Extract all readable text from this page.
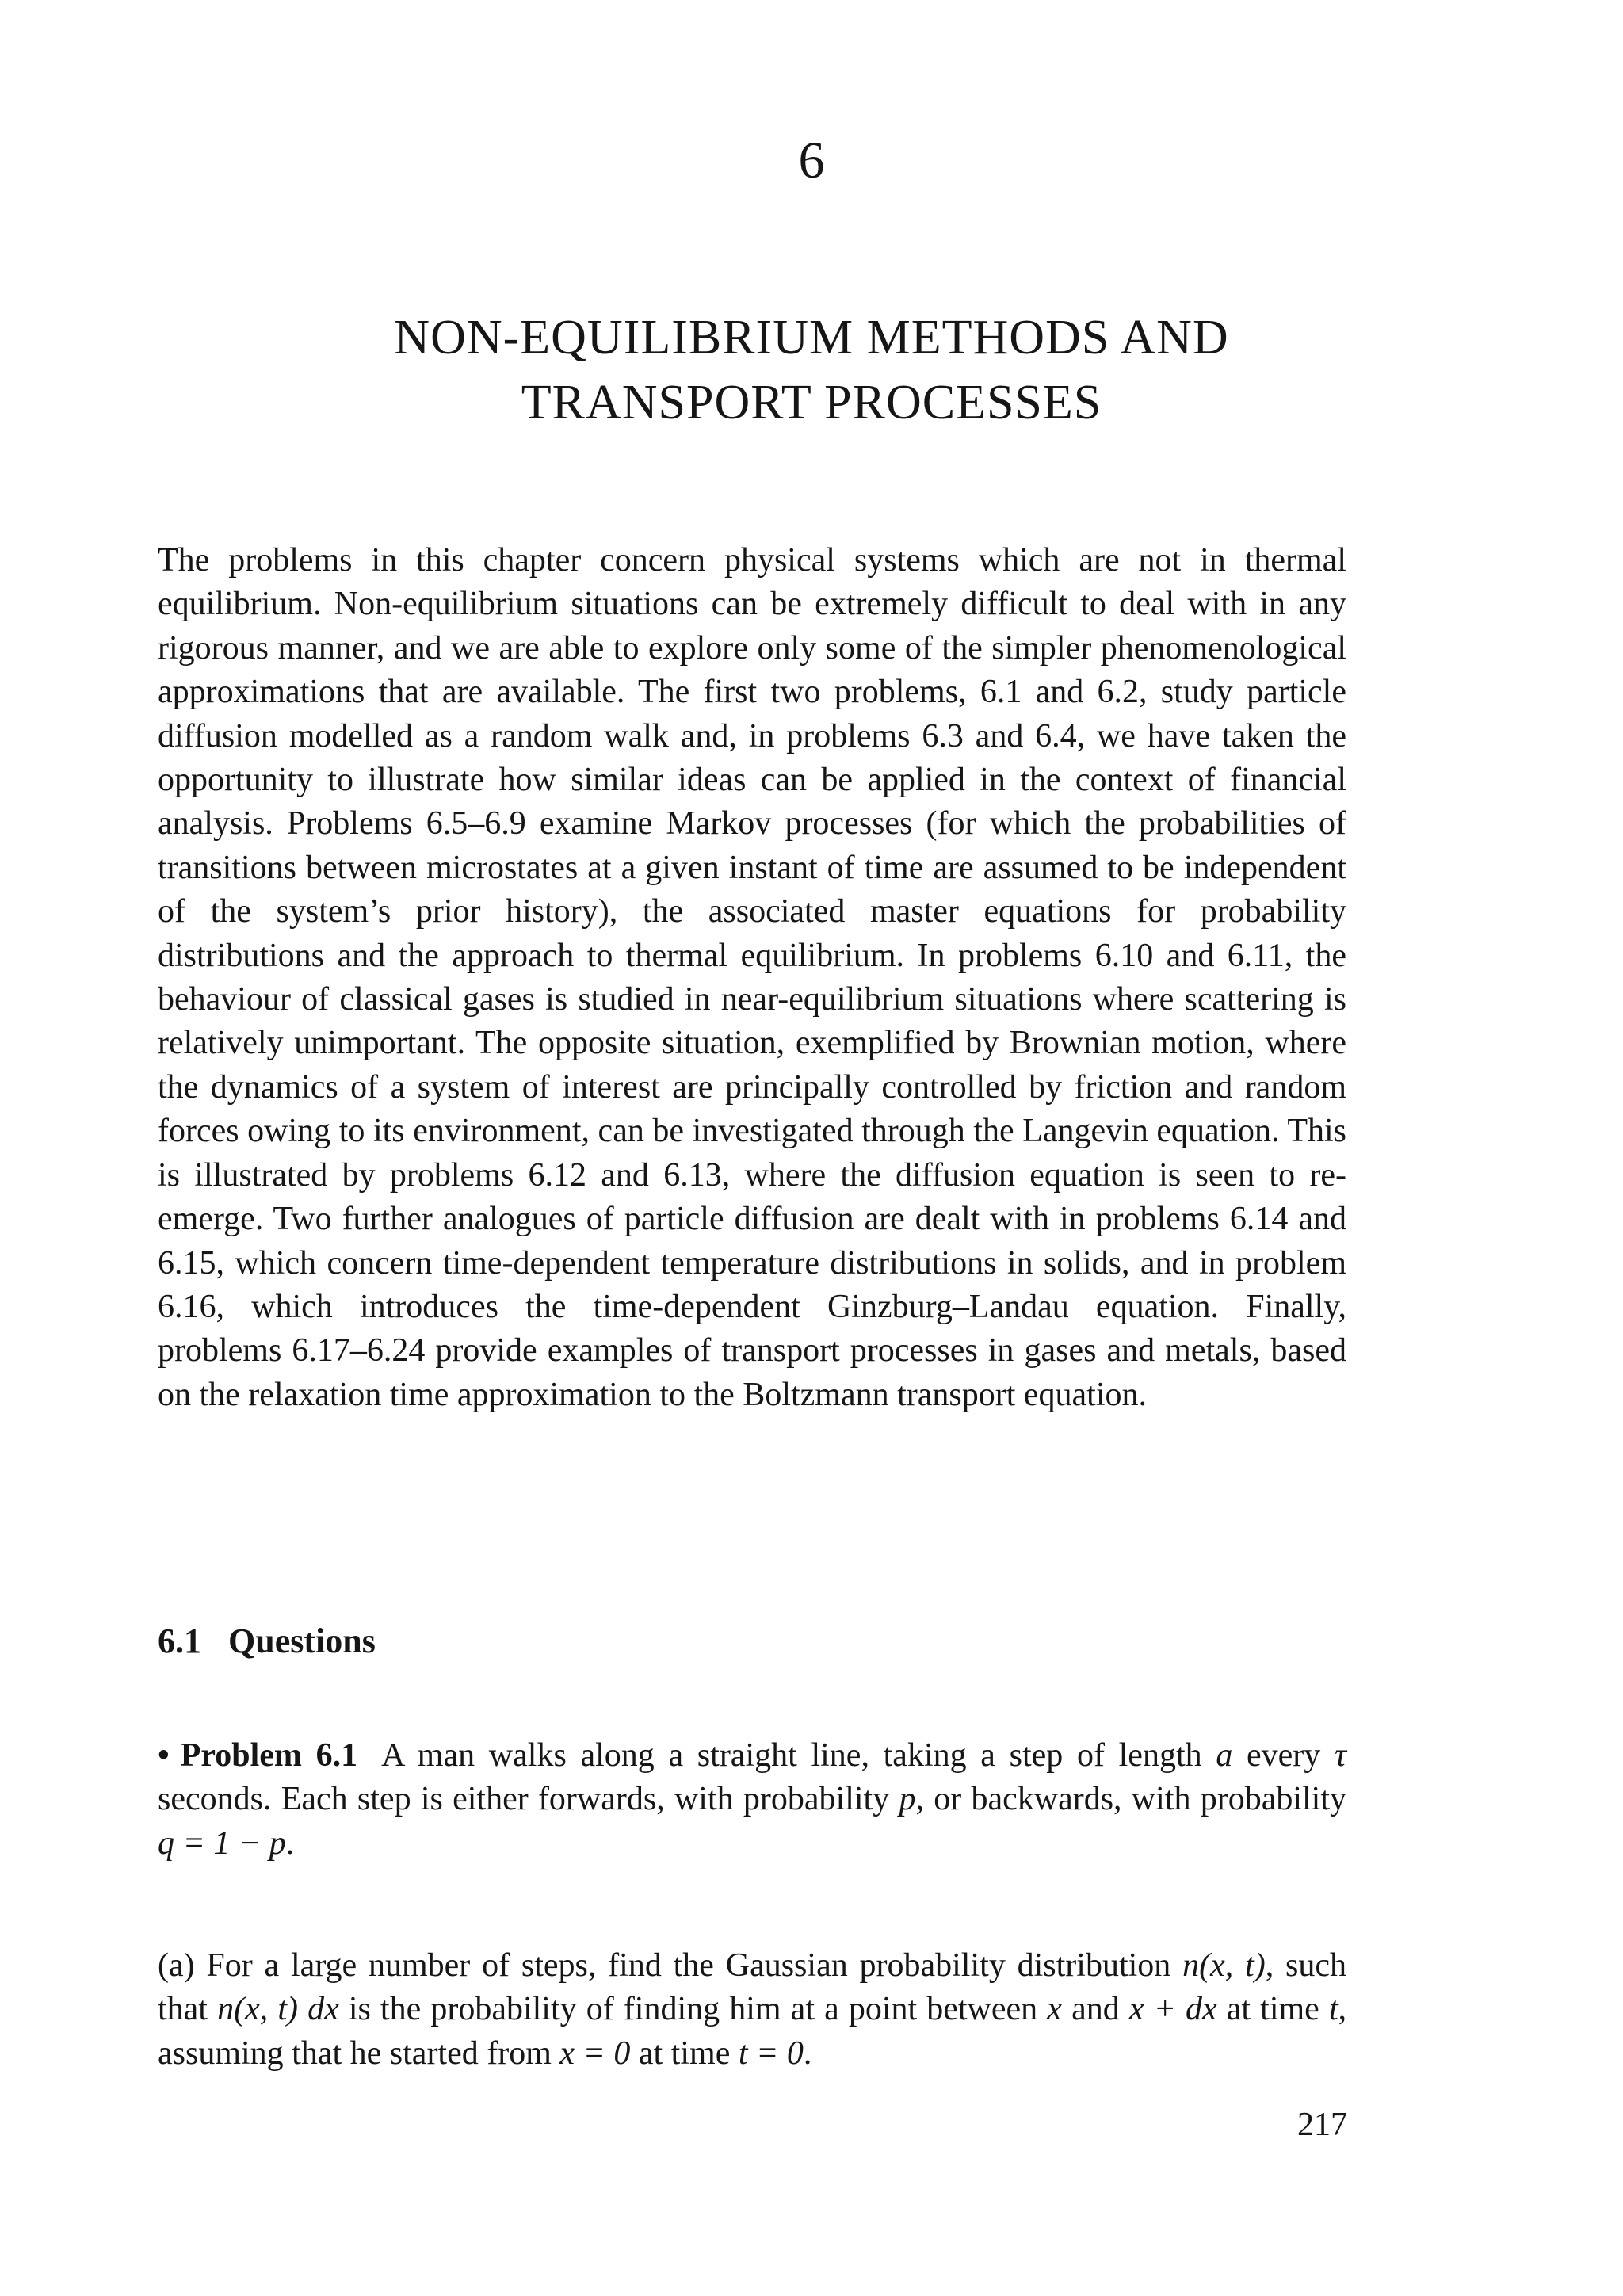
6
NON-EQUILIBRIUM METHODS AND
TRANSPORT PROCESSES

The problems in this chapter concern physical systems which are not in thermal equilibrium. Non-equilibrium situations can be extremely difficult to deal with in any rigorous manner, and we are able to explore only some of the simpler phenomenological approximations that are available. The first two problems, 6.1 and 6.2, study particle diffusion modelled as a random walk and, in problems 6.3 and 6.4, we have taken the opportunity to illustrate how similar ideas can be applied in the context of financial analysis. Problems 6.5–6.9 examine Markov processes (for which the probabilities of transitions between microstates at a given instant of time are assumed to be independent of the system’s prior history), the associated master equations for probability distributions and the approach to thermal equilibrium. In problems 6.10 and 6.11, the behaviour of classical gases is studied in near-equilibrium situations where scattering is relatively unimportant. The opposite situation, exemplified by Brownian motion, where the dynamics of a system of interest are principally controlled by friction and random forces owing to its environment, can be investigated through the Langevin equation. This is illustrated by problems 6.12 and 6.13, where the diffusion equation is seen to re-emerge. Two further analogues of particle diffusion are dealt with in problems 6.14 and 6.15, which concern time-dependent temperature distributions in solids, and in problem 6.16, which introduces the time-dependent Ginzburg–Landau equation. Finally, problems 6.17–6.24 provide examples of transport processes in gases and metals, based on the relaxation time approximation to the Boltzmann transport equation.

6.1 Questions

• Problem 6.1 A man walks along a straight line, taking a step of length a every τ seconds. Each step is either forwards, with probability p, or backwards, with probability q = 1 − p.

(a) For a large number of steps, find the Gaussian probability distribution n(x, t), such that n(x, t) dx is the probability of finding him at a point between x and x + dx at time t, assuming that he started from x = 0 at time t = 0.

217
